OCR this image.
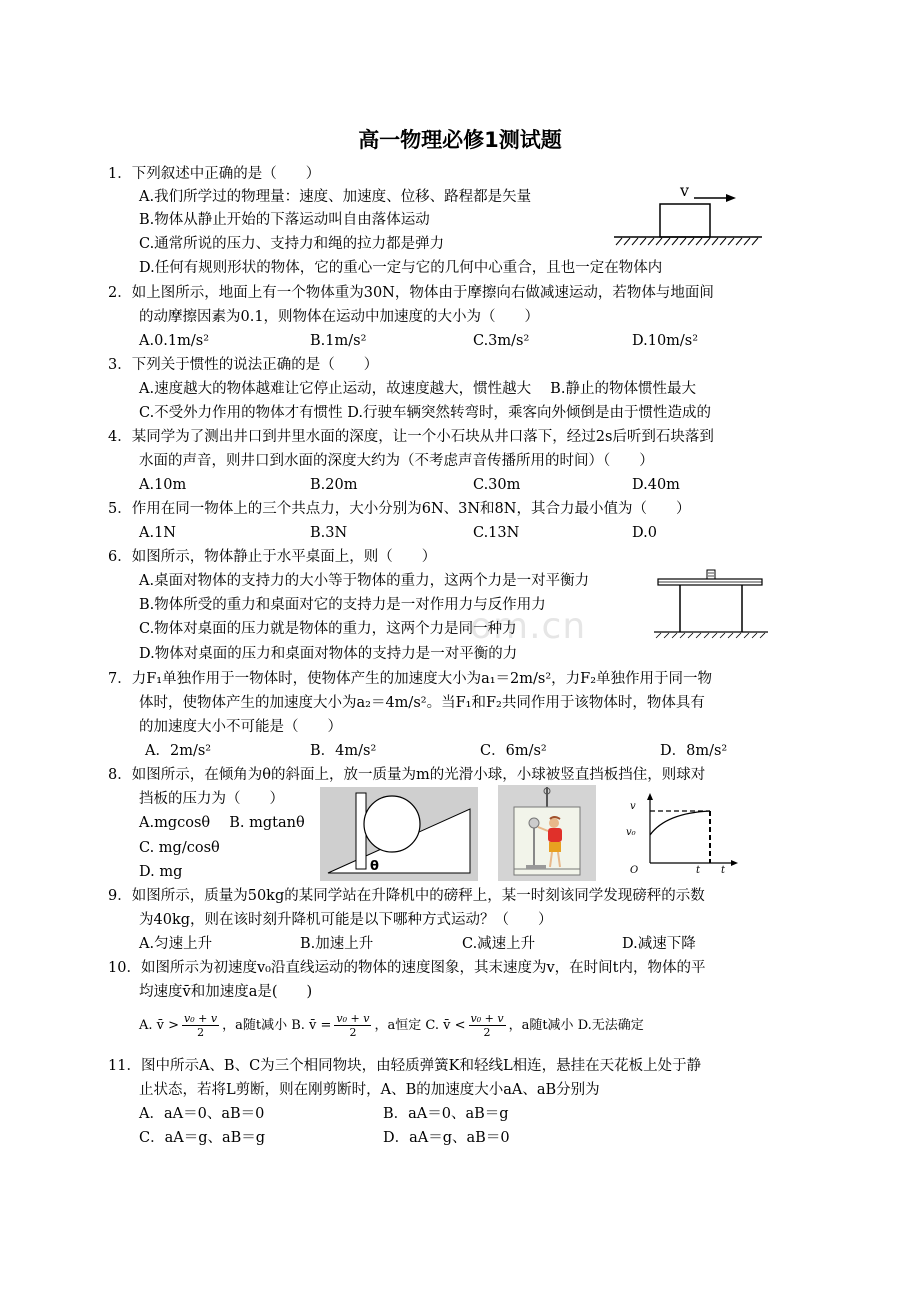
om.cn
高一物理必修1测试题
1．下列叙述中正确的是（　　）
A.我们所学过的物理量：速度、加速度、位移、路程都是矢量
B.物体从静止开始的下落运动叫自由落体运动
C.通常所说的压力、支持力和绳的拉力都是弹力
D.任何有规则形状的物体，它的重心一定与它的几何中心重合，且也一定在物体内
v
2．如上图所示，地面上有一个物体重为30N，物体由于摩擦向右做减速运动，若物体与地面间
的动摩擦因素为0.1，则物体在运动中加速度的大小为（　　）
A.0.1m/s²	B.1m/s²	C.3m/s²	D.10m/s²
3．下列关于惯性的说法正确的是（　　）
A.速度越大的物体越难让它停止运动，故速度越大，惯性越大　 B.静止的物体惯性最大
C.不受外力作用的物体才有惯性 D.行驶车辆突然转弯时，乘客向外倾倒是由于惯性造成的
4．某同学为了测出井口到井里水面的深度，让一个小石块从井口落下，经过2s后听到石块落到
水面的声音，则井口到水面的深度大约为（不考虑声音传播所用的时间）（　　）
A.10m	B.20m	C.30m	D.40m
5．作用在同一物体上的三个共点力，大小分别为6N、3N和8N，其合力最小值为（　　）
A.1N	B.3N	C.13N	D.0
6．如图所示，物体静止于水平桌面上，则（　　）
A.桌面对物体的支持力的大小等于物体的重力，这两个力是一对平衡力
B.物体所受的重力和桌面对它的支持力是一对作用力与反作用力
C.物体对桌面的压力就是物体的重力，这两个力是同一种力
D.物体对桌面的压力和桌面对物体的支持力是一对平衡的力
7．力F₁单独作用于一物体时，使物体产生的加速度大小为a₁＝2m/s²，力F₂单独作用于同一物
体时，使物体产生的加速度大小为a₂＝4m/s²。当F₁和F₂共同作用于该物体时，物体具有
的加速度大小不可能是（　　）
A．2m/s²	B．4m/s²	C．6m/s²	D．8m/s²
8．如图所示，在倾角为θ的斜面上，放一质量为m的光滑小球，小球被竖直挡板挡住，则球对
挡板的压力为（　　）
A.mgcosθ　 B. mgtanθ
C. mg/cosθ
D. mg	θ
v
v₀
O	t t
9．如图所示，质量为50kg的某同学站在升降机中的磅秤上，某一时刻该同学发现磅秤的示数
为40kg，则在该时刻升降机可能是以下哪种方式运动？（　　）
A.匀速上升	B.加速上升	C.减速上升	D.减速下降
10．如图所示为初速度v₀沿直线运动的物体的速度图象，其末速度为v，在时间t内，物体的平
均速度v̄和加速度a是(　　)
A. v̄ > $\frac{\text{v₀ + v}}{2}$ ，a随t减小 B. v̄ = $\frac{\text{v₀ + v}}{2}$ ，a恒定 C. v̄ < $\frac{\text{v₀ + v}}{2}$ ，a随t减小 D.无法确定
11．图中所示A、B、C为三个相同物块，由轻质弹簧K和轻线L相连，悬挂在天花板上处于静
止状态，若将L剪断，则在刚剪断时，A、B的加速度大小aA、aB分别为
A．aA＝0、aB＝0	B．aA＝0、aB＝g
C．aA＝g、aB＝g	D．aA＝g、aB＝0
